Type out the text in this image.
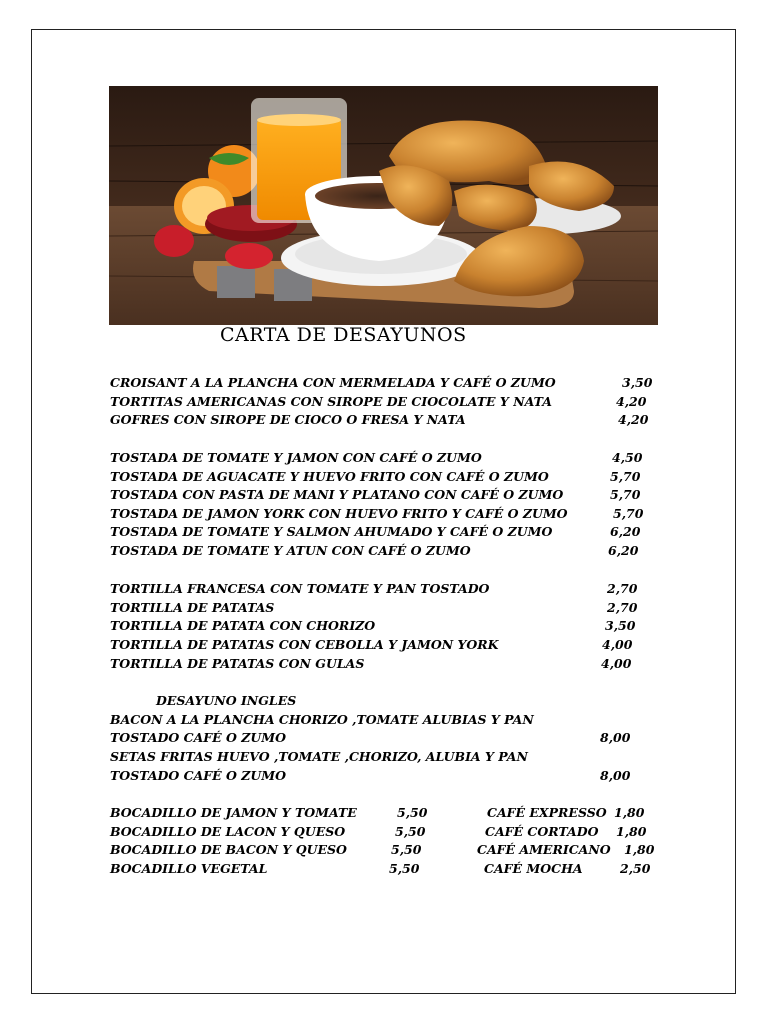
CARTA DE DESAYUNOS
CROISANT A LA PLANCHA CON MERMELADA Y CAFÉ O ZUMO	3,50
TORTITAS AMERICANAS CON SIROPE DE CIOCOLATE Y NATA	4,20
GOFRES CON SIROPE DE CIOCO O FRESA Y NATA	4,20
TOSTADA DE TOMATE Y JAMON CON CAFÉ O ZUMO	4,50
TOSTADA DE AGUACATE Y HUEVO FRITO CON CAFÉ O ZUMO	5,70
TOSTADA CON PASTA DE MANI Y PLATANO CON CAFÉ O ZUMO	5,70
TOSTADA DE JAMON YORK CON HUEVO FRITO Y CAFÉ O ZUMO	5,70
TOSTADA DE TOMATE Y SALMON AHUMADO Y CAFÉ O ZUMO	6,20
TOSTADA DE TOMATE Y ATUN CON CAFÉ O ZUMO	6,20
TORTILLA FRANCESA CON TOMATE Y PAN TOSTADO	2,70
TORTILLA DE PATATAS	2,70
TORTILLA DE PATATA CON CHORIZO	3,50
TORTILLA DE PATATAS CON CEBOLLA Y JAMON YORK	4,00
TORTILLA DE PATATAS CON GULAS	4,00
DESAYUNO INGLES
BACON A LA PLANCHA CHORIZO ,TOMATE ALUBIAS Y PAN
TOSTADO CAFÉ O ZUMO	8,00
SETAS FRITAS HUEVO ,TOMATE ,CHORIZO, ALUBIA Y PAN
TOSTADO CAFÉ O ZUMO	8,00
BOCADILLO DE JAMON Y TOMATE	5,50
BOCADILLO DE LACON Y QUESO	5,50
BOCADILLO DE BACON Y QUESO	5,50
BOCADILLO VEGETAL	5,50
CAFÉ EXPRESSO 1,80
CAFÉ CORTADO 1,80
CAFÉ AMERICANO 1,80
CAFÉ MOCHA	2,50
